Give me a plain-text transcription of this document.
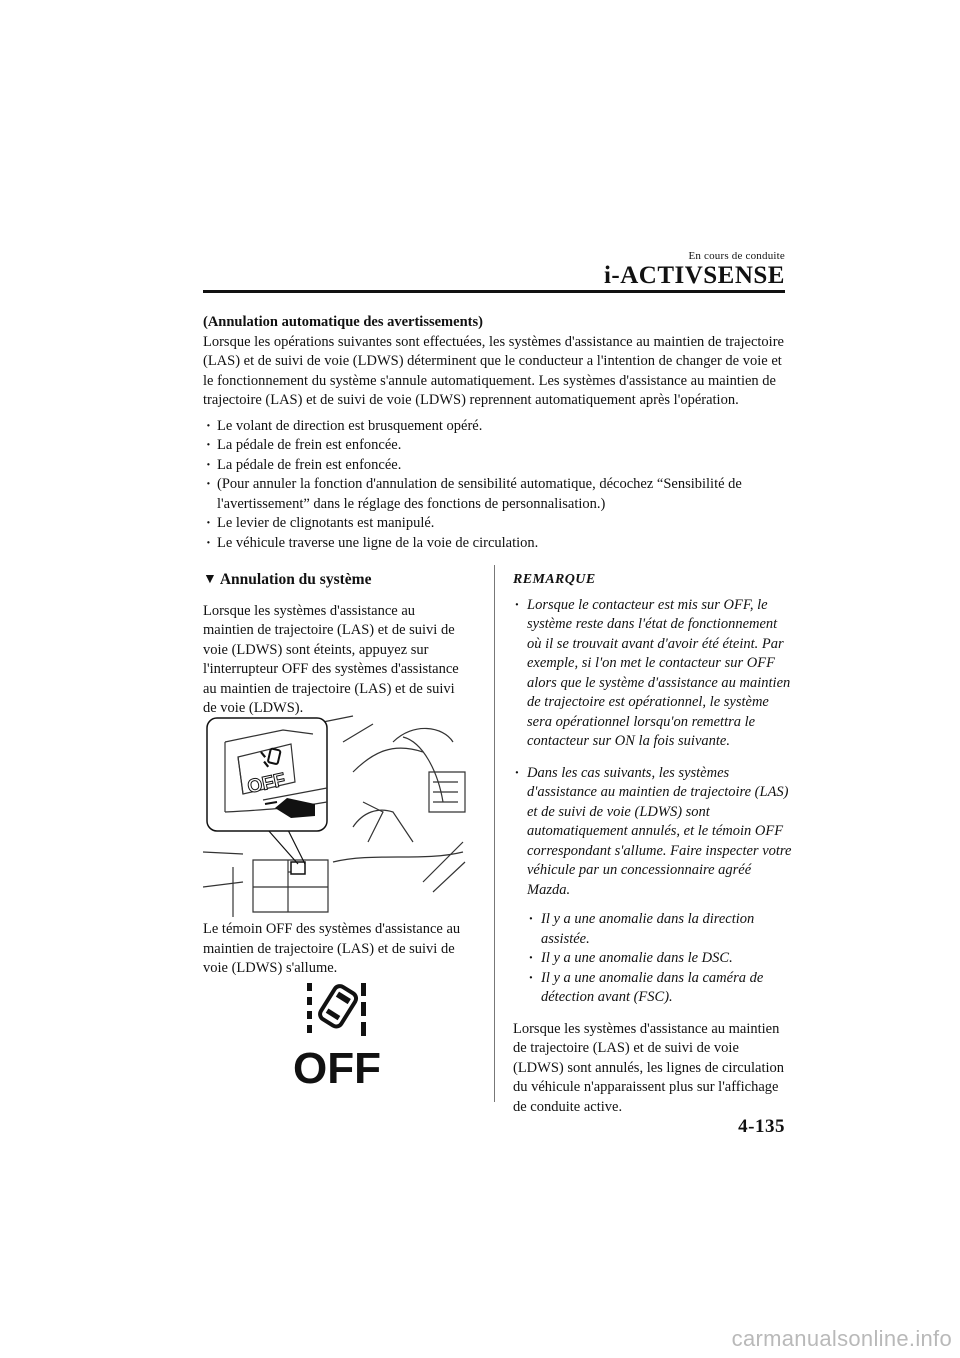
En cours de conduite
i-ACTIVSENSE
(Annulation automatique des avertissements)
Lorsque les opérations suivantes sont effectuées, les systèmes d'assistance au maintien de trajectoire (LAS) et de suivi de voie (LDWS) déterminent que le conducteur a l'intention de changer de voie et le fonctionnement du système s'annule automatiquement. Les systèmes d'assistance au maintien de trajectoire (LAS) et de suivi de voie (LDWS) reprennent automatiquement après l'opération.
· Le volant de direction est brusquement opéré.
· La pédale de frein est enfoncée.
· La pédale de frein est enfoncée.
· (Pour annuler la fonction d'annulation de sensibilité automatique, décochez “Sensibilité de l'avertissement” dans le réglage des fonctions de personnalisation.)
· Le levier de clignotants est manipulé.
· Le véhicule traverse une ligne de la voie de circulation.
▼ Annulation du système

Lorsque les systèmes d'assistance au maintien de trajectoire (LAS) et de suivi de voie (LDWS) sont éteints, appuyez sur l'interrupteur OFF des systèmes d'assistance au maintien de trajectoire (LAS) et de suivi de voie (LDWS).

OFF
Le témoin OFF des systèmes d'assistance au maintien de trajectoire (LAS) et de suivi de voie (LDWS) s'allume.
OFF
REMARQUE
· Lorsque le contacteur est mis sur OFF, le système reste dans l'état de fonctionnement où il se trouvait avant d'avoir été éteint. Par exemple, si l'on met le contacteur sur OFF alors que le système d'assistance au maintien de trajectoire est opérationnel, le système sera opérationnel lorsqu'on remettra le contacteur sur ON la fois suivante.
· Dans les cas suivants, les systèmes d'assistance au maintien de trajectoire (LAS) et de suivi de voie (LDWS) sont automatiquement annulés, et le témoin OFF correspondant s'allume. Faire inspecter votre véhicule par un concessionnaire agréé Mazda.
· Il y a une anomalie dans la direction assistée.
· Il y a une anomalie dans le DSC.
· Il y a une anomalie dans la caméra de détection avant (FSC).
Lorsque les systèmes d'assistance au maintien de trajectoire (LAS) et de suivi de voie (LDWS) sont annulés, les lignes de circulation du véhicule n'apparaissent plus sur l'affichage de conduite active.
4-135
carmanualsonline.info
